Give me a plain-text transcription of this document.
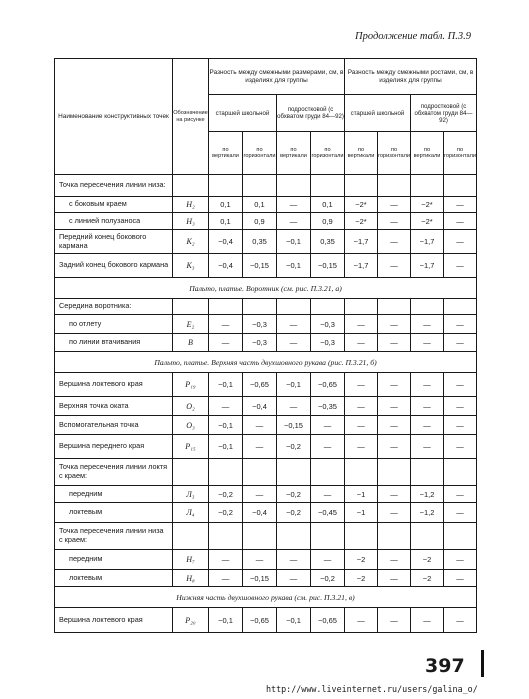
Продолжение табл. П.3.9
Наименование конструктивных точек	Обозначение на рисунке	Разность между смежными размерами, см, в изделиях для группы				Разность между смежными ростами, см, в изделиях для группы			
		старшей школьной		подростковой (с обхватом груди 84—92)		старшей школьной		подростковой (с обхватом груди 84—92)	
		по вертикали	по горизонтали	по вертикали	по горизонтали	по вертикали	по горизонтали	по вертикали	по горизонтали
Точка пересечения линии низа:									
с боковым краем	H₂	0,1	0,1	—	0,1	−2*	—	−2*	—
с линией полузаноса	H₃	0,1	0,9	—	0,9	−2*	—	−2*	—
Передний конец бокового кармана	K₂	−0,4	0,35	−0,1	0,35	−1,7	—	−1,7	—
Задний конец бокового кармана	K₃	−0,4	−0,15	−0,1	−0,15	−1,7	—	−1,7	—
Пальто, платье. Воротник (см. рис. П.3.21, а)									
Середина воротника:									
по отлету	E₂	—	−0,3	—	−0,3	—	—	—	—
по линии втачивания	B	—	−0,3	—	−0,3	—	—	—	—
Пальто, платье. Верхняя часть двухшовного рукава (рис. П.3.21, б)									
Вершина локтевого края	P₁₉	−0,1	−0,65	−0,1	−0,65	—	—	—	—
Верхняя точка оката	O₂	—	−0,4	—	−0,35	—	—	—	—
Вспомогательная точка	O₃	−0,1	—	−0,15	—	—	—	—	—
Вершина переднего края	P₁₅	−0,1	—	−0,2	—	—	—	—	—
Точка пересечения линии локтя с краем:									
передним	Л₃	−0,2	—	−0,2	—	−1	—	−1,2	—
локтевым	Л₄	−0,2	−0,4	−0,2	−0,45	−1	—	−1,2	—
Точка пересечения линии низа с краем:									
передним	H₇	—	—	—	—	−2	—	−2	—
локтевым	H₈	—	−0,15	—	−0,2	−2	—	−2	—
Нижняя часть двухшовного рукава (см. рис. П.3.21, в)									
Вершина локтевого края	P₂₀	−0,1	−0,65	−0,1	−0,65	—	—	—	—
397
http://www.liveinternet.ru/users/galina_o/
